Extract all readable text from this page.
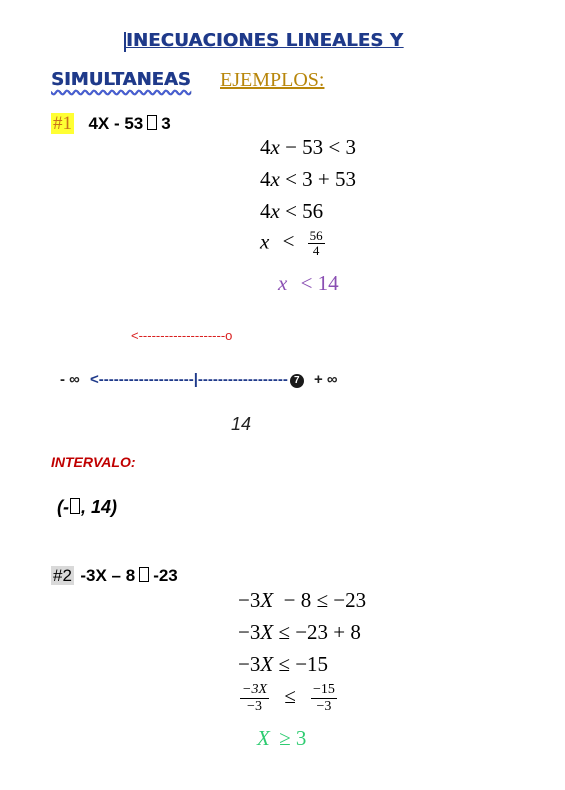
INECUACIONES LINEALES Y
SIMULTANEAS EJEMPLOS:
#1 4X - 53 3
4x − 53 < 3
4x < 3 + 53
4x < 56
$x < \frac{56}{4}$
x < 14
<--------------------o
- ∞ <-------------------|------------------ 7 + ∞
14
INTERVALO:
(- , 14)
#2 -3X – 8 -23
−3X  − 8 ≤ −23
−3X ≤ −23 + 8
−3X ≤ −15
$\frac{-3X}{-3} \le \frac{-15}{-3}$
X ≥ 3
